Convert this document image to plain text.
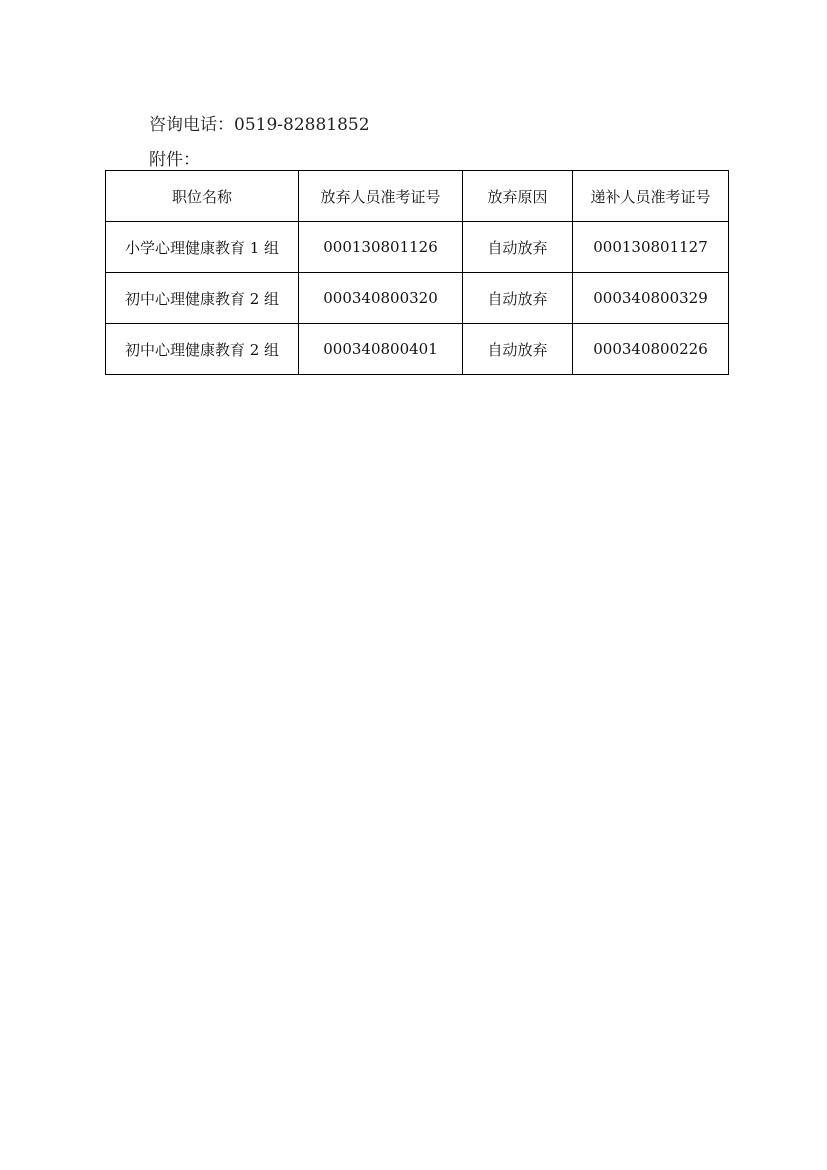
咨询电话：0519-82881852
附件：
职位名称	放弃人员准考证号	放弃原因	递补人员准考证号
小学心理健康教育 1 组	000130801126	自动放弃	000130801127
初中心理健康教育 2 组	000340800320	自动放弃	000340800329
初中心理健康教育 2 组	000340800401	自动放弃	000340800226
